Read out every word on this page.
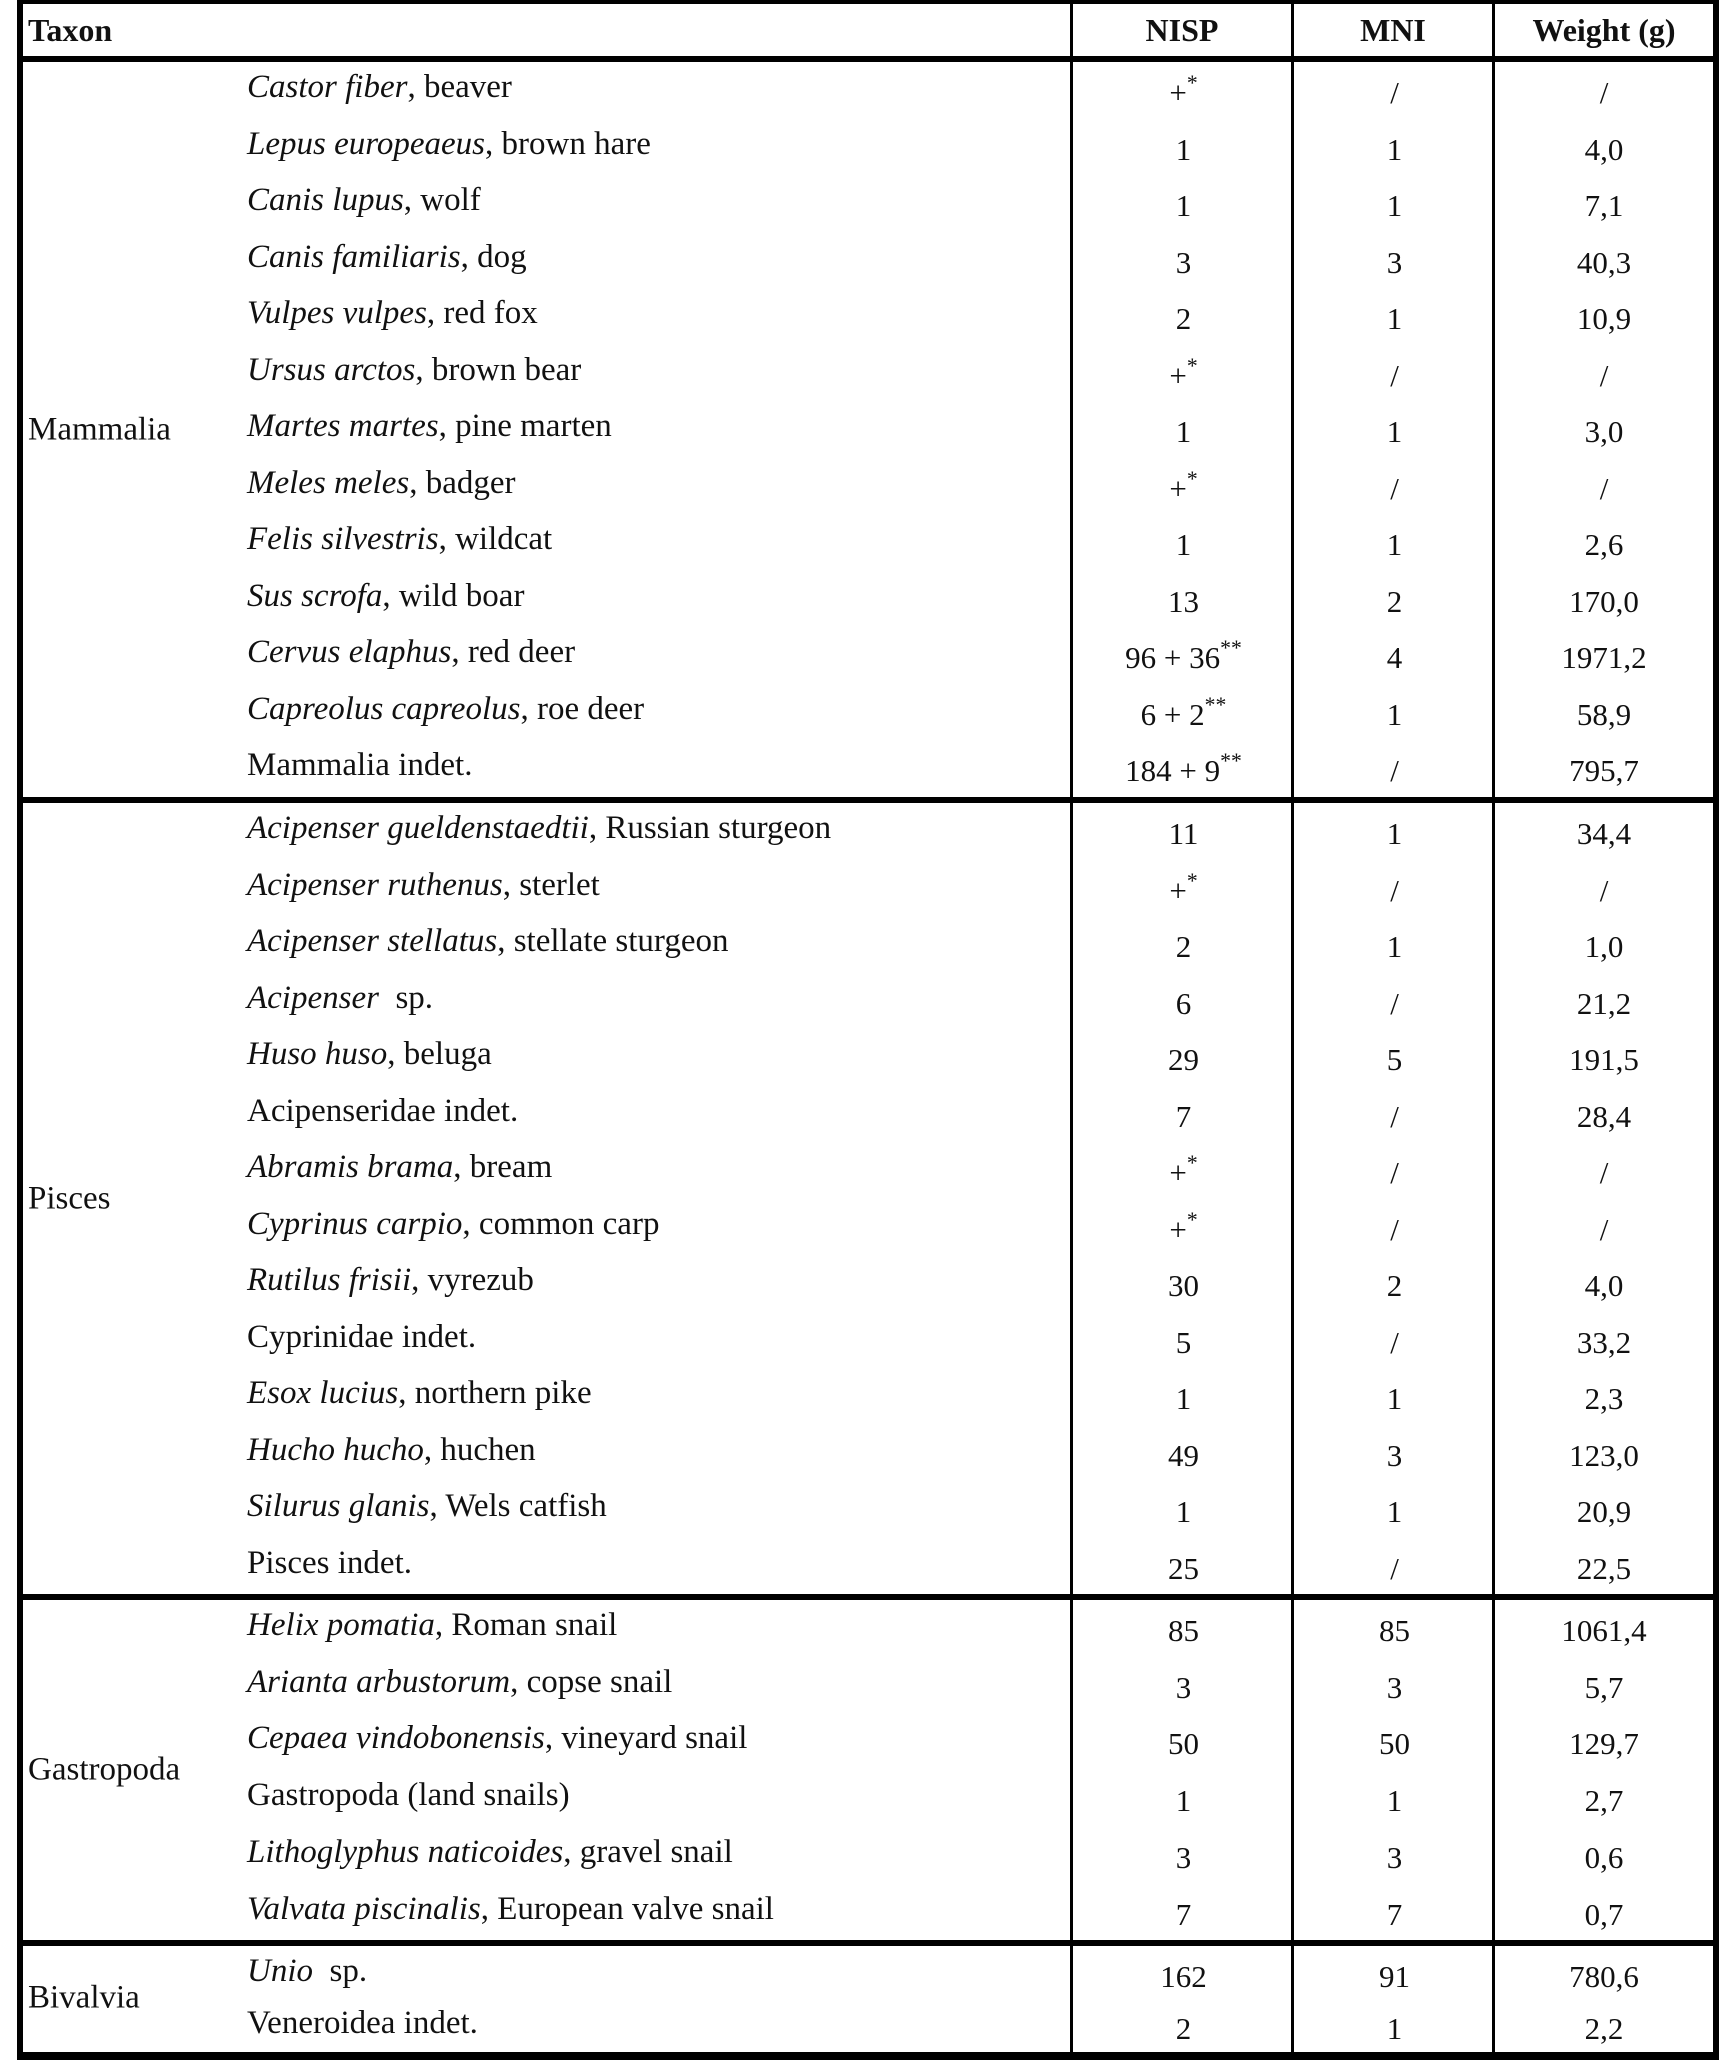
Taxon	NISP	MNI	Weight (g)
Mammalia
Castor fiber, beaver	+*	/	/
Lepus europeaeus, brown hare	1	1	4,0
Canis lupus, wolf	1	1	7,1
Canis familiaris, dog	3	3	40,3
Vulpes vulpes, red fox	2	1	10,9
Ursus arctos, brown bear	+*	/	/
Martes martes, pine marten	1	1	3,0
Meles meles, badger	+*	/	/
Felis silvestris, wildcat	1	1	2,6
Sus scrofa, wild boar	13	2	170,0
Cervus elaphus, red deer	96 + 36**	4	1971,2
Capreolus capreolus, roe deer	6 + 2**	1	58,9
Mammalia indet.	184 + 9**	/	795,7
Pisces
Acipenser gueldenstaedtii, Russian sturgeon	11	1	34,4
Acipenser ruthenus, sterlet	+*	/	/
Acipenser stellatus, stellate sturgeon	2	1	1,0
Acipenser  sp.	6	/	21,2
Huso huso, beluga	29	5	191,5
Acipenseridae indet.	7	/	28,4
Abramis brama, bream	+*	/	/
Cyprinus carpio, common carp	+*	/	/
Rutilus frisii, vyrezub	30	2	4,0
Cyprinidae indet.	5	/	33,2
Esox lucius, northern pike	1	1	2,3
Hucho hucho, huchen	49	3	123,0
Silurus glanis, Wels catfish	1	1	20,9
Pisces indet.	25	/	22,5
Gastropoda
Helix pomatia, Roman snail	85	85	1061,4
Arianta arbustorum, copse snail	3	3	5,7
Cepaea vindobonensis, vineyard snail	50	50	129,7
Gastropoda (land snails)	1	1	2,7
Lithoglyphus naticoides, gravel snail	3	3	0,6
Valvata piscinalis, European valve snail	7	7	0,7
Bivalvia
Unio  sp.	162	91	780,6
Veneroidea indet.	2	1	2,2
